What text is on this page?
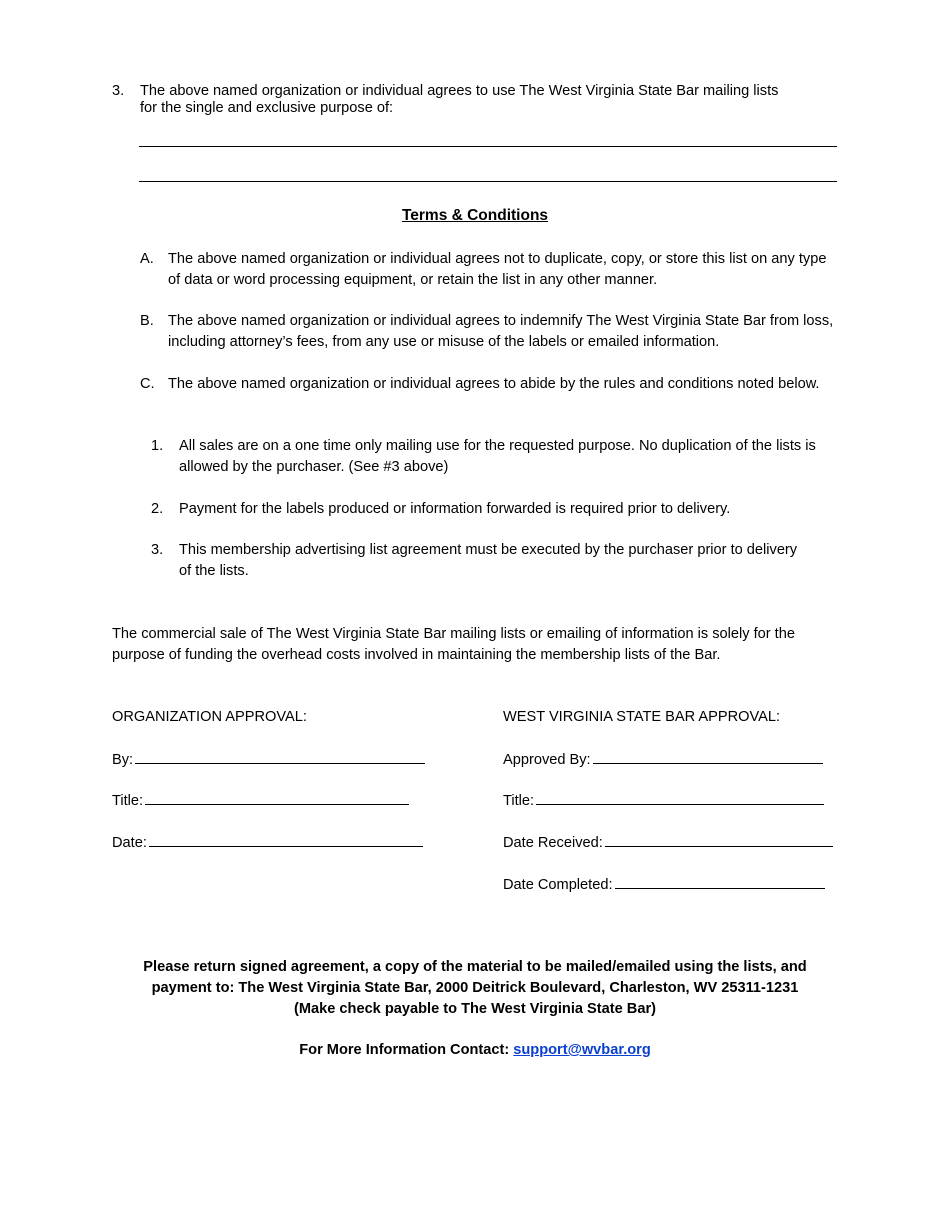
3. The above named organization or individual agrees to use The West Virginia State Bar mailing lists
for the single and exclusive purpose of:
Terms & Conditions
A. The above named organization or individual agrees not to duplicate, copy, or store this list on any type of data or word processing equipment, or retain the list in any other manner.
B. The above named organization or individual agrees to indemnify The West Virginia State Bar from loss, including attorney’s fees, from any use or misuse of the labels or emailed information.
C. The above named organization or individual agrees to abide by the rules and conditions noted below.
1. All sales are on a one time only mailing use for the requested purpose. No duplication of the lists is allowed by the purchaser. (See #3 above)
2. Payment for the labels produced or information forwarded is required prior to delivery.
3. This membership advertising list agreement must be executed by the purchaser prior to delivery of the lists.
The commercial sale of The West Virginia State Bar mailing lists or emailing of information is solely for the purpose of funding the overhead costs involved in maintaining the membership lists of the Bar.
ORGANIZATION APPROVAL:
By:
Title:
Date:
WEST VIRGINIA STATE BAR APPROVAL:
Approved By:
Title:
Date Received:
Date Completed:
Please return signed agreement, a copy of the material to be mailed/emailed using the lists, and
payment to: The West Virginia State Bar, 2000 Deitrick Boulevard, Charleston, WV 25311-1231
(Make check payable to The West Virginia State Bar)
For More Information Contact: support@wvbar.org
